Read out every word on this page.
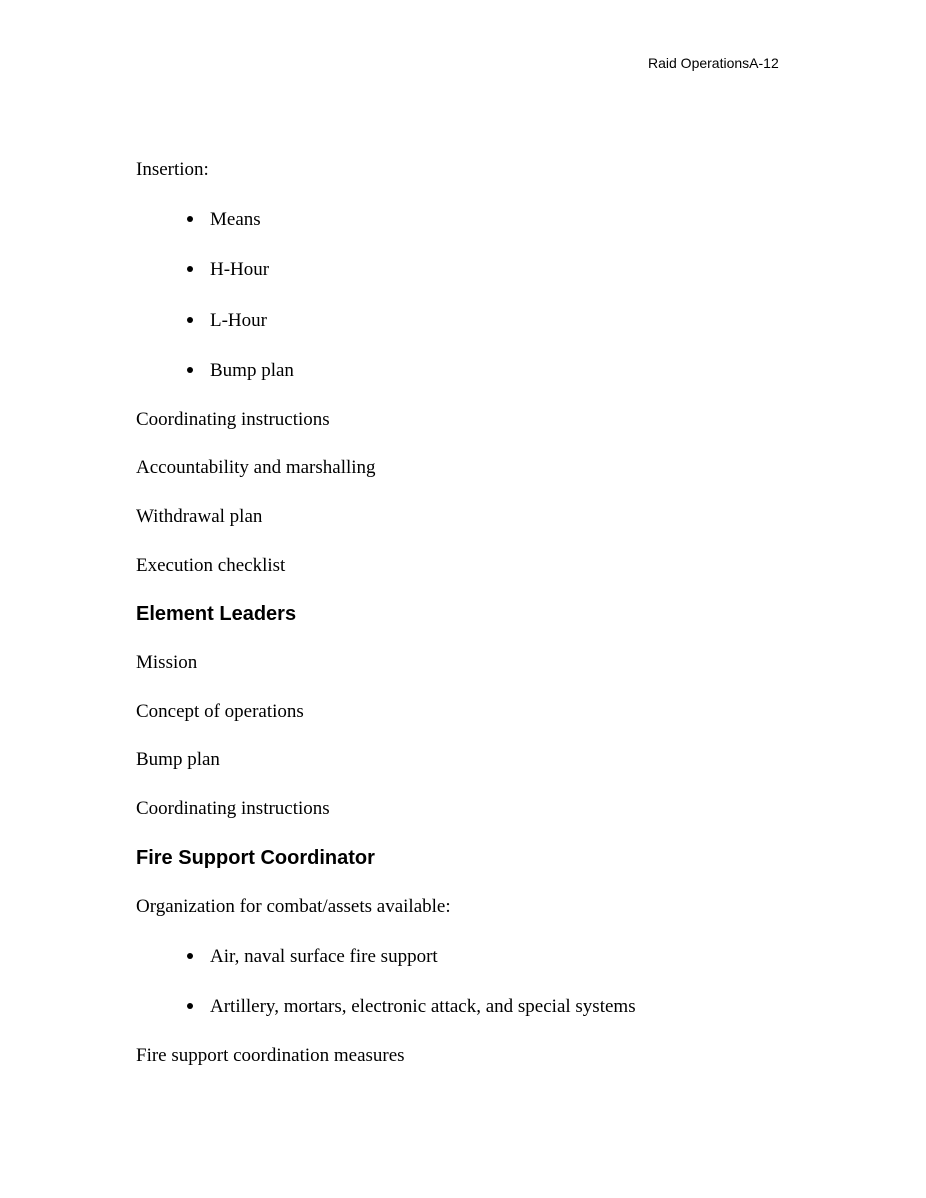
Raid OperationsA-12
Insertion:
Means
H-Hour
L-Hour
Bump plan
Coordinating instructions
Accountability and marshalling
Withdrawal plan
Execution checklist
Element Leaders
Mission
Concept of operations
Bump plan
Coordinating instructions
Fire Support Coordinator
Organization for combat/assets available:
Air, naval surface fire support
Artillery, mortars, electronic attack, and special systems
Fire support coordination measures
